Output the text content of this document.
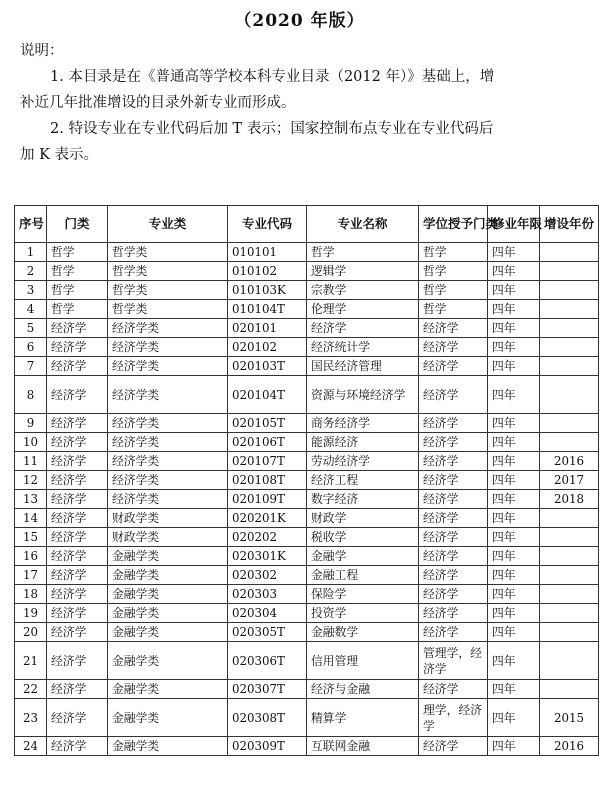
（2020 年版）
说明：
1. 本目录是在《普通高等学校本科专业目录（2012 年）》基础上，增
补近几年批准增设的目录外新专业而形成。
2. 特设专业在专业代码后加 T 表示；国家控制布点专业在专业代码后
加 K 表示。
序号	门类	专业类	专业代码	专业名称	学位授予门类	修业年限	增设年份
1	哲学	哲学类	010101	哲学	哲学	四年	
2	哲学	哲学类	010102	逻辑学	哲学	四年	
3	哲学	哲学类	010103K	宗教学	哲学	四年	
4	哲学	哲学类	010104T	伦理学	哲学	四年	
5	经济学	经济学类	020101	经济学	经济学	四年	
6	经济学	经济学类	020102	经济统计学	经济学	四年	
7	经济学	经济学类	020103T	国民经济管理	经济学	四年	
8	经济学	经济学类	020104T	资源与环境经济学	经济学	四年	
9	经济学	经济学类	020105T	商务经济学	经济学	四年	
10	经济学	经济学类	020106T	能源经济	经济学	四年	
11	经济学	经济学类	020107T	劳动经济学	经济学	四年	2016
12	经济学	经济学类	020108T	经济工程	经济学	四年	2017
13	经济学	经济学类	020109T	数字经济	经济学	四年	2018
14	经济学	财政学类	020201K	财政学	经济学	四年	
15	经济学	财政学类	020202	税收学	经济学	四年	
16	经济学	金融学类	020301K	金融学	经济学	四年	
17	经济学	金融学类	020302	金融工程	经济学	四年	
18	经济学	金融学类	020303	保险学	经济学	四年	
19	经济学	金融学类	020304	投资学	经济学	四年	
20	经济学	金融学类	020305T	金融数学	经济学	四年	
21	经济学	金融学类	020306T	信用管理	管理学，经济学	四年	
22	经济学	金融学类	020307T	经济与金融	经济学	四年	
23	经济学	金融学类	020308T	精算学	理学，经济学	四年	2015
24	经济学	金融学类	020309T	互联网金融	经济学	四年	2016
